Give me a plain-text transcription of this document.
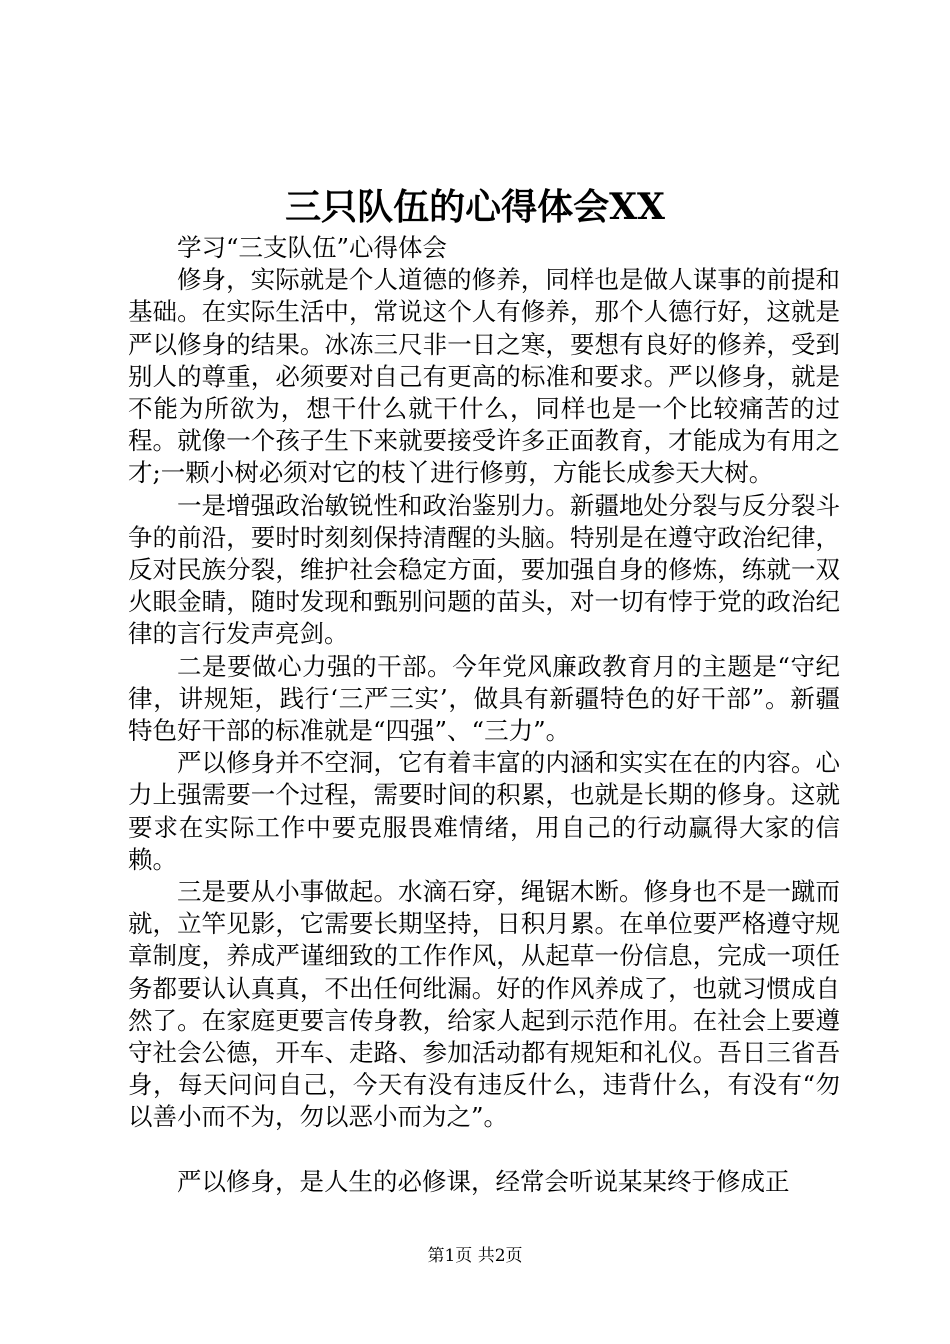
三只队伍的心得体会XX

学习“三支队伍”心得体会

修身，实际就是个人道德的修养，同样也是做人谋事的前提和基础。在实际生活中，常说这个人有修养，那个人德行好，这就是严以修身的结果。冰冻三尺非一日之寒，要想有良好的修养，受到别人的尊重，必须要对自己有更高的标准和要求。严以修身，就是不能为所欲为，想干什么就干什么，同样也是一个比较痛苦的过程。就像一个孩子生下来就要接受许多正面教育，才能成为有用之才;一颗小树必须对它的枝丫进行修剪，方能长成参天大树。

一是增强政治敏锐性和政治鉴别力。新疆地处分裂与反分裂斗争的前沿，要时时刻刻保持清醒的头脑。特别是在遵守政治纪律，反对民族分裂，维护社会稳定方面，要加强自身的修炼，练就一双火眼金睛，随时发现和甄别问题的苗头，对一切有悖于党的政治纪律的言行发声亮剑。

二是要做心力强的干部。今年党风廉政教育月的主题是“守纪律，讲规矩，践行‘三严三实’，做具有新疆特色的好干部”。新疆特色好干部的标准就是“四强”、“三力”。

严以修身并不空洞，它有着丰富的内涵和实实在在的内容。心力上强需要一个过程，需要时间的积累，也就是长期的修身。这就要求在实际工作中要克服畏难情绪，用自己的行动赢得大家的信赖。

三是要从小事做起。水滴石穿，绳锯木断。修身也不是一蹴而就，立竿见影，它需要长期坚持，日积月累。在单位要严格遵守规章制度，养成严谨细致的工作作风，从起草一份信息，完成一项任务都要认认真真，不出任何纰漏。好的作风养成了，也就习惯成自然了。在家庭更要言传身教，给家人起到示范作用。在社会上要遵守社会公德，开车、走路、参加活动都有规矩和礼仪。吾日三省吾身，每天问问自己，今天有没有违反什么，违背什么，有没有“勿以善小而不为，勿以恶小而为之”。

严以修身，是人生的必修课，经常会听说某某终于修成正

第1页 共2页
